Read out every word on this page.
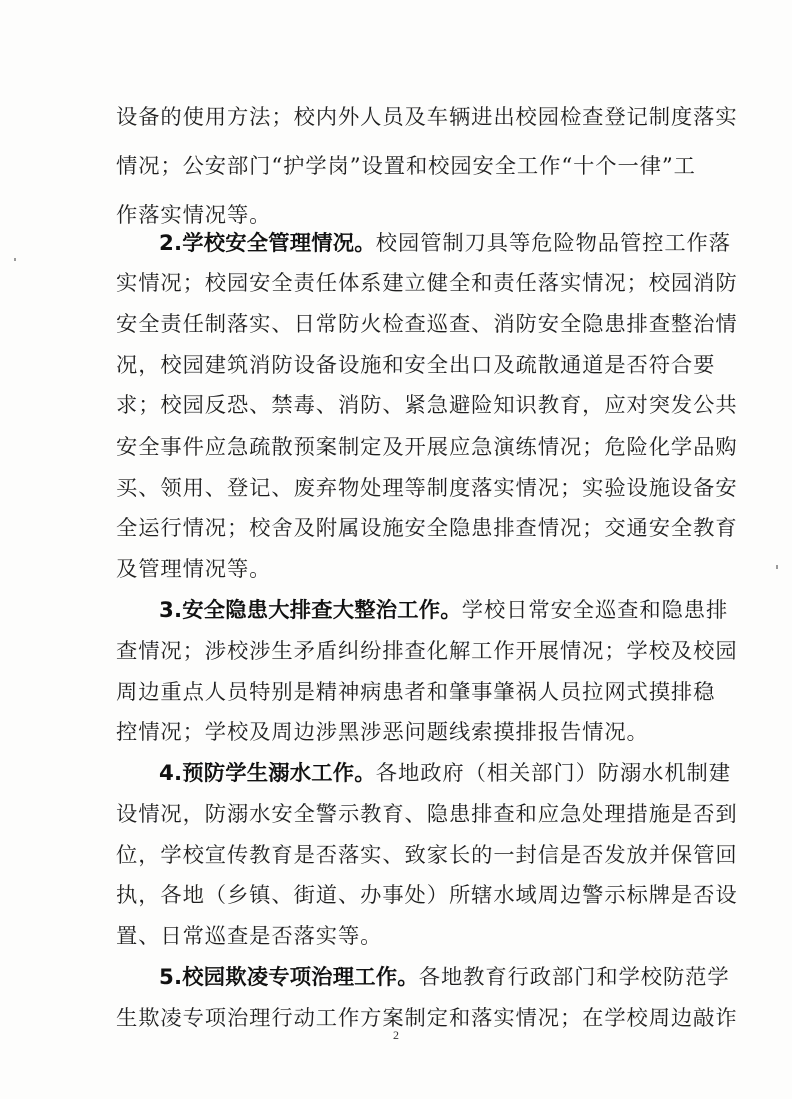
设备的使用方法；校内外人员及车辆进出校园检查登记制度落实
情况；公安部门“护学岗”设置和校园安全工作“十个一律”工
作落实情况等。
2.学校安全管理情况。校园管制刀具等危险物品管控工作落
实情况；校园安全责任体系建立健全和责任落实情况；校园消防
安全责任制落实、日常防火检查巡查、消防安全隐患排查整治情
况，校园建筑消防设备设施和安全出口及疏散通道是否符合要
求；校园反恐、禁毒、消防、紧急避险知识教育，应对突发公共
安全事件应急疏散预案制定及开展应急演练情况；危险化学品购
买、领用、登记、废弃物处理等制度落实情况；实验设施设备安
全运行情况；校舍及附属设施安全隐患排查情况；交通安全教育
及管理情况等。
3.安全隐患大排查大整治工作。学校日常安全巡查和隐患排
查情况；涉校涉生矛盾纠纷排查化解工作开展情况；学校及校园
周边重点人员特别是精神病患者和肇事肇祸人员拉网式摸排稳
控情况；学校及周边涉黑涉恶问题线索摸排报告情况。
4.预防学生溺水工作。各地政府（相关部门）防溺水机制建
设情况，防溺水安全警示教育、隐患排查和应急处理措施是否到
位，学校宣传教育是否落实、致家长的一封信是否发放并保管回
执，各地（乡镇、街道、办事处）所辖水域周边警示标牌是否设
置、日常巡查是否落实等。
5.校园欺凌专项治理工作。各地教育行政部门和学校防范学
生欺凌专项治理行动工作方案制定和落实情况；在学校周边敲诈
2
